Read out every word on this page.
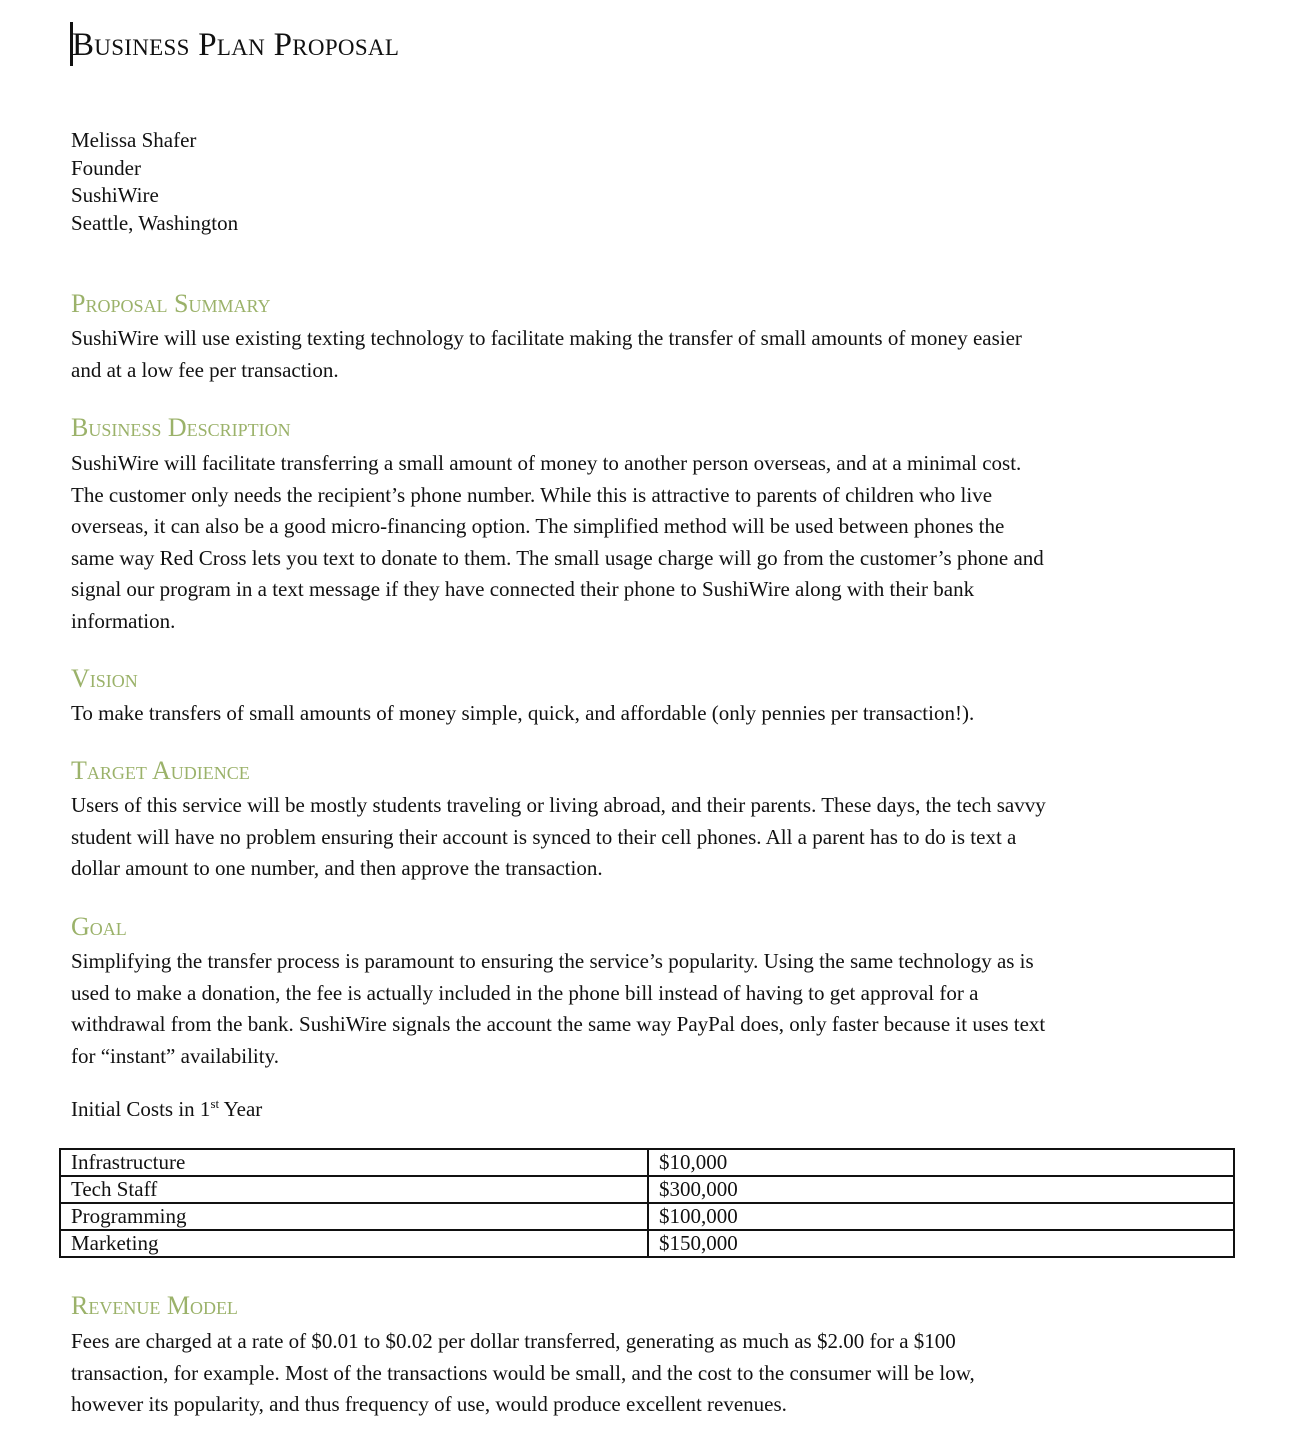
Business Plan Proposal
Melissa Shafer
Founder
SushiWire
Seattle, Washington
Proposal Summary

SushiWire will use existing texting technology to facilitate making the transfer of small amounts of money easier
and at a low fee per transaction.

Business Description

SushiWire will facilitate transferring a small amount of money to another person overseas, and at a minimal cost.
The customer only needs the recipient’s phone number. While this is attractive to parents of children who live
overseas, it can also be a good micro-financing option. The simplified method will be used between phones the
same way Red Cross lets you text to donate to them. The small usage charge will go from the customer’s phone and
signal our program in a text message if they have connected their phone to SushiWire along with their bank
information.

Vision

To make transfers of small amounts of money simple, quick, and affordable (only pennies per transaction!).

Target Audience

Users of this service will be mostly students traveling or living abroad, and their parents. These days, the tech savvy
student will have no problem ensuring their account is synced to their cell phones. All a parent has to do is text a
dollar amount to one number, and then approve the transaction.

Goal

Simplifying the transfer process is paramount to ensuring the service’s popularity. Using the same technology as is
used to make a donation, the fee is actually included in the phone bill instead of having to get approval for a
withdrawal from the bank. SushiWire signals the account the same way PayPal does, only faster because it uses text
for “instant” availability.

Initial Costs in 1st Year
Infrastructure	$10,000
Tech Staff	$300,000
Programming	$100,000
Marketing	$150,000
Revenue Model

Fees are charged at a rate of $0.01 to $0.02 per dollar transferred, generating as much as $2.00 for a $100
transaction, for example. Most of the transactions would be small, and the cost to the consumer will be low,
however its popularity, and thus frequency of use, would produce excellent revenues.
